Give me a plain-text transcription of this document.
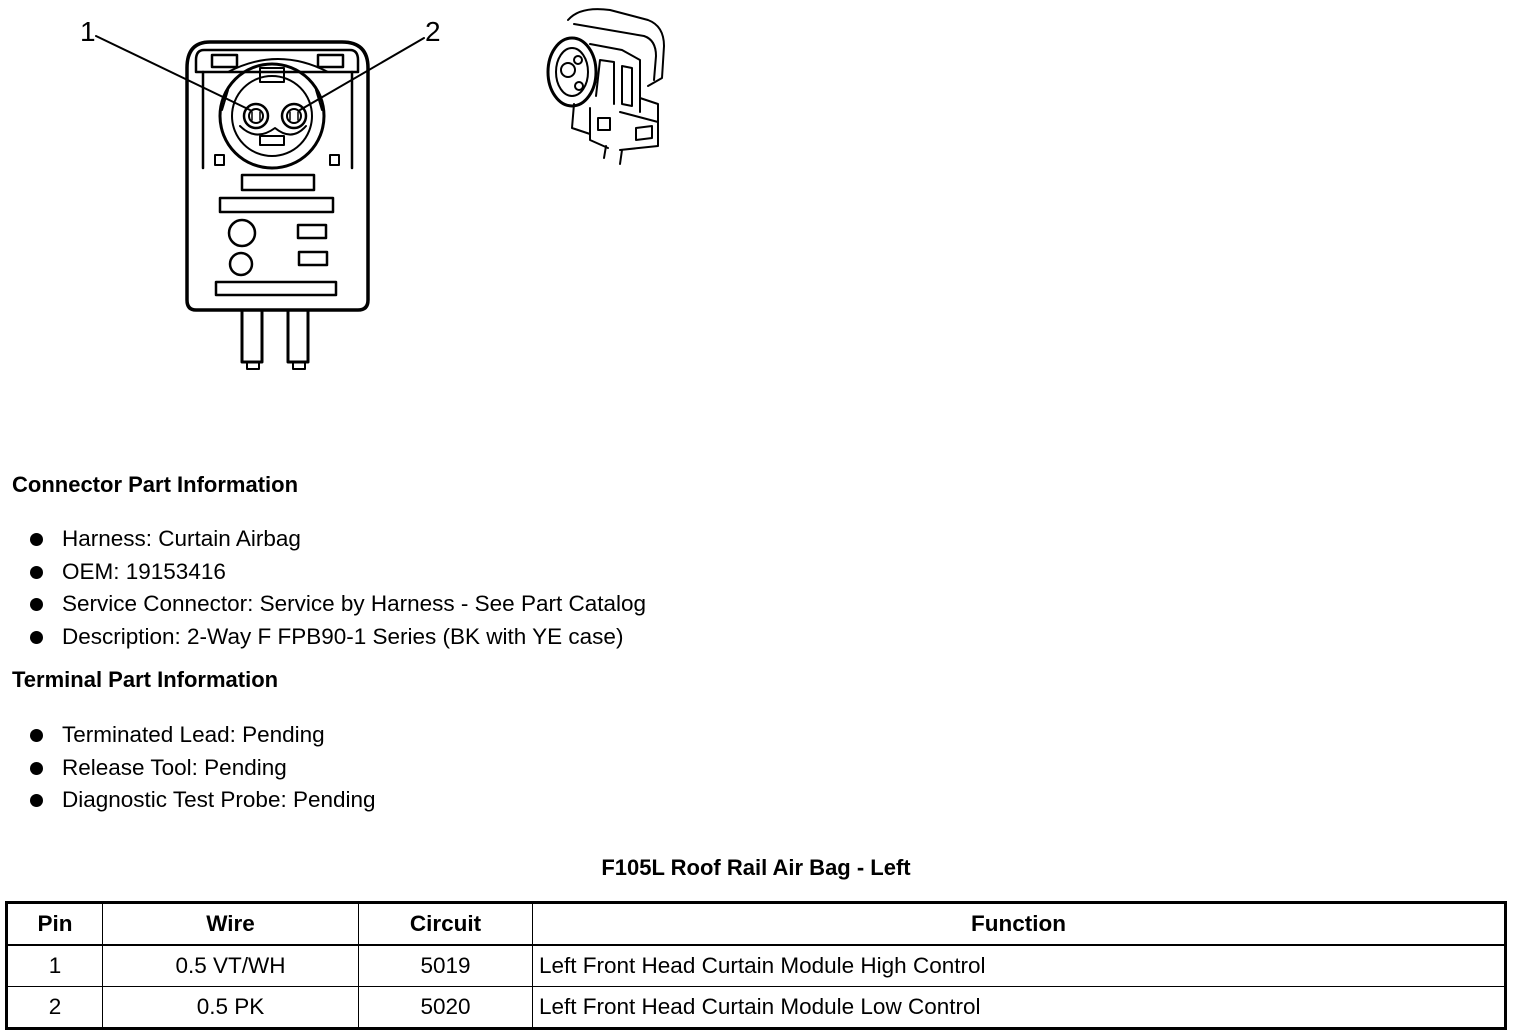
1	2
Connector Part Information
Harness: Curtain Airbag
OEM: 19153416
Service Connector: Service by Harness - See Part Catalog
Description: 2-Way F FPB90-1 Series (BK with YE case)
Terminal Part Information
Terminated Lead: Pending
Release Tool: Pending
Diagnostic Test Probe: Pending
F105L Roof Rail Air Bag - Left
Pin	Wire	Circuit	Function
1	0.5 VT/WH	5019	Left Front Head Curtain Module High Control
2	0.5 PK	5020	Left Front Head Curtain Module Low Control
